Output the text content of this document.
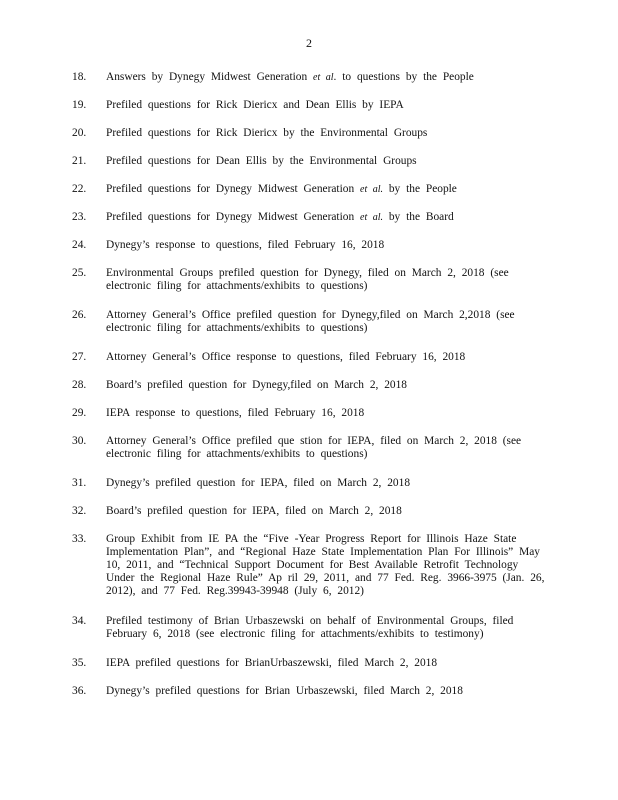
2
18. Answers by Dynegy Midwest Generation et al. to questions by the People
19. Prefiled questions for Rick Diericx and Dean Ellis by IEPA
20. Prefiled questions for Rick Diericx by the Environmental Groups
21. Prefiled questions for Dean Ellis by the Environmental Groups
22. Prefiled questions for Dynegy Midwest Generation et al. by the People
23. Prefiled questions for Dynegy Midwest Generation et al. by the Board
24. Dynegy’s response to questions, filed February 16, 2018
25. Environmental Groups prefiled question for Dynegy, filed on March 2, 2018 (see electronic filing for attachments/exhibits to questions)
26. Attorney General’s Office prefiled question for Dynegy,filed on March 2,2018 (see electronic filing for attachments/exhibits to questions)
27. Attorney General’s Office response to questions, filed February 16, 2018
28. Board’s prefiled question for Dynegy,filed on March 2, 2018
29. IEPA response to questions, filed February 16, 2018
30. Attorney General’s Office prefiled que stion for IEPA, filed on March 2, 2018 (see electronic filing for attachments/exhibits to questions)
31. Dynegy’s prefiled question for IEPA, filed on March 2, 2018
32. Board’s prefiled question for IEPA, filed on March 2, 2018
33. Group Exhibit from IE PA the “Five -Year Progress Report for Illinois Haze State Implementation Plan”, and “Regional Haze State Implementation Plan For Illinois” May 10, 2011, and “Technical Support Document for Best Available Retrofit Technology Under the Regional Haze Rule” Ap ril 29, 2011, and 77 Fed. Reg. 3966-3975 (Jan. 26, 2012), and 77 Fed. Reg.39943-39948 (July 6, 2012)
34. Prefiled testimony of Brian Urbaszewski on behalf of Environmental Groups, filed February 6, 2018 (see electronic filing for attachments/exhibits to testimony)
35. IEPA prefiled questions for BrianUrbaszewski, filed March 2, 2018
36. Dynegy’s prefiled questions for Brian Urbaszewski, filed March 2, 2018
